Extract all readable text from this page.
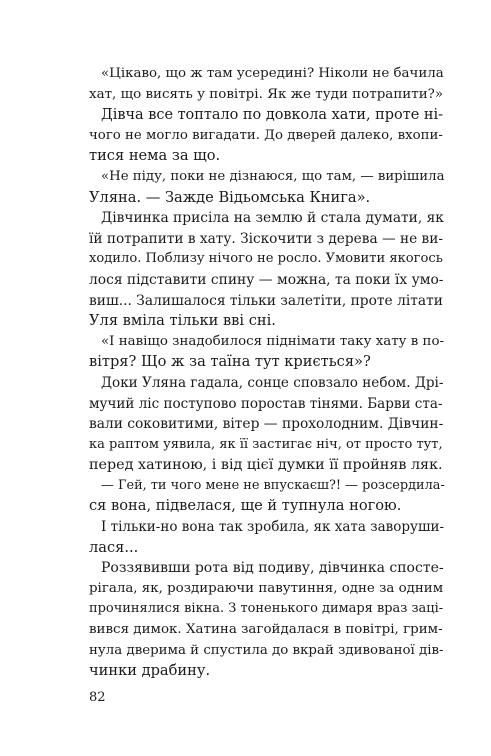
«Цікаво, що ж там усередині? Ніколи не бачила
хат, що висять у повітрі. Як же туди потрапити?»

Дівча все топтало по довкола хати, проте ні-
чого не могло вигадати. До дверей далеко, вхопи-
тися нема за що.

«Не піду, поки не дізнаюся, що там, — вирішила
Уляна. — Зажде Відьомська Книга».

Дівчинка присіла на землю й стала думати, як
їй потрапити в хату. Зіскочити з дерева — не ви-
ходило. Поблизу нічого не росло. Умовити якогось
лося підставити спину — можна, та поки їх умо-
виш... Залишалося тільки залетіти, проте літати
Уля вміла тільки вві сні.

«І навіщо знадобилося піднімати таку хату в по-
вітря? Що ж за таїна тут криється»?

Доки Уляна гадала, сонце сповзало небом. Дрі-
мучий ліс поступово поростав тінями. Барви ста-
вали соковитими, вітер — прохолодним. Дівчин-
ка раптом уявила, як її застигає ніч, от просто тут,
перед хатиною, і від цієї думки її пройняв ляк.

— Гей, ти чого мене не впускаєш?! — розсердила-
ся вона, підвелася, ще й тупнула ногою.

І тільки-но вона так зробила, як хата заворуши-
лася...

Роззявивши рота від подиву, дівчинка спосте-
рігала, як, роздираючи павутиння, одне за одним
прочинялися вікна. З тоненького димаря враз заці-
вився димок. Хатина загойдалася в повітрі, грим-
нула дверима й спустила до вкрай здивованої дів-
чинки драбину.

82
